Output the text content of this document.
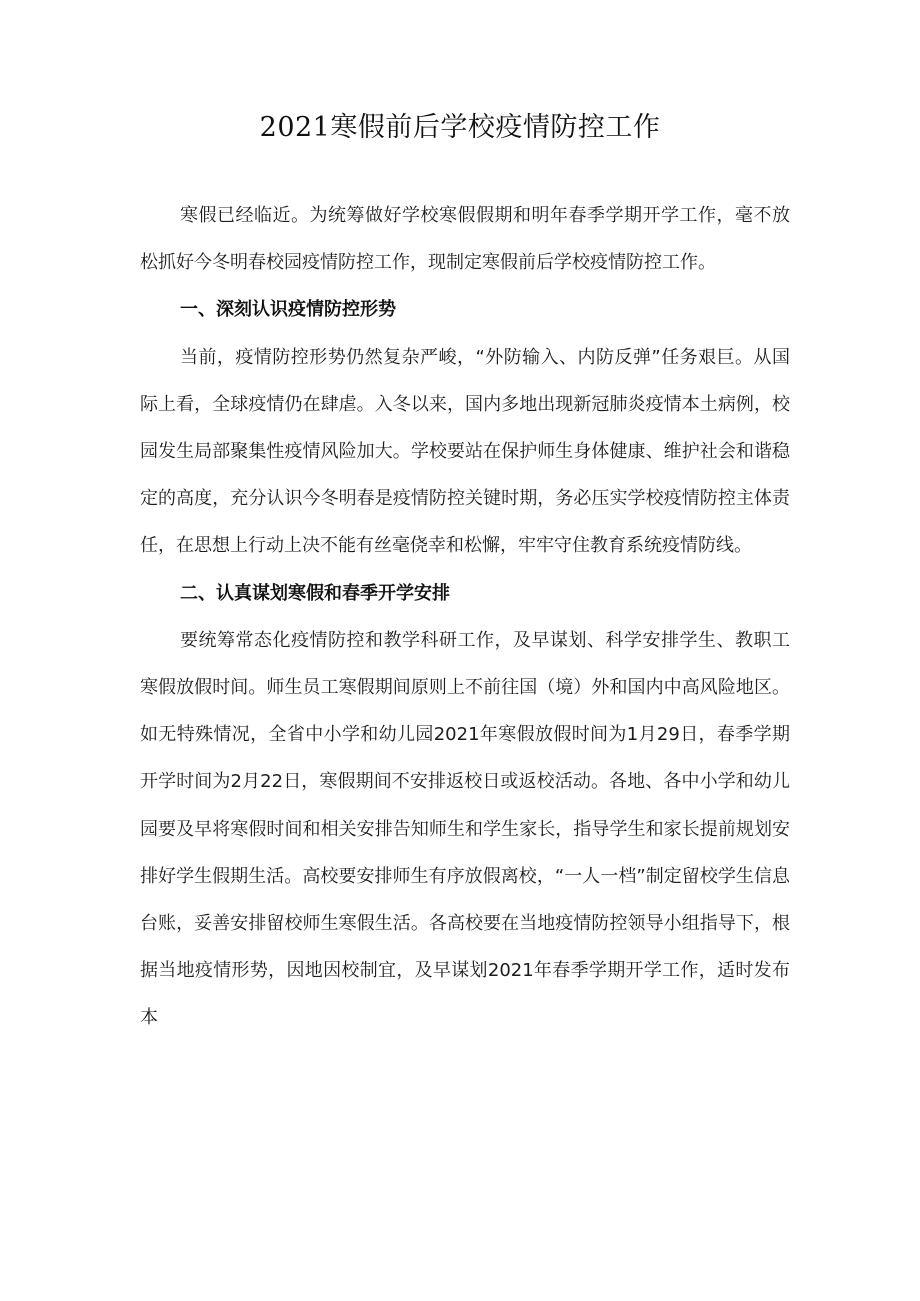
2021寒假前后学校疫情防控工作

寒假已经临近。为统筹做好学校寒假假期和明年春季学期开学工作，毫不放松抓好今冬明春校园疫情防控工作，现制定寒假前后学校疫情防控工作。

一、深刻认识疫情防控形势

当前，疫情防控形势仍然复杂严峻，“外防输入、内防反弹”任务艰巨。从国际上看，全球疫情仍在肆虐。入冬以来，国内多地出现新冠肺炎疫情本土病例，校园发生局部聚集性疫情风险加大。学校要站在保护师生身体健康、维护社会和谐稳定的高度，充分认识今冬明春是疫情防控关键时期，务必压实学校疫情防控主体责任，在思想上行动上决不能有丝毫侥幸和松懈，牢牢守住教育系统疫情防线。

二、认真谋划寒假和春季开学安排

要统筹常态化疫情防控和教学科研工作，及早谋划、科学安排学生、教职工寒假放假时间。师生员工寒假期间原则上不前往国（境）外和国内中高风险地区。如无特殊情况，全省中小学和幼儿园2021年寒假放假时间为1月29日，春季学期开学时间为2月22日，寒假期间不安排返校日或返校活动。各地、各中小学和幼儿园要及早将寒假时间和相关安排告知师生和学生家长，指导学生和家长提前规划安排好学生假期生活。高校要安排师生有序放假离校，“一人一档”制定留校学生信息台账，妥善安排留校师生寒假生活。各高校要在当地疫情防控领导小组指导下，根据当地疫情形势，因地因校制宜，及早谋划2021年春季学期开学工作，适时发布本
